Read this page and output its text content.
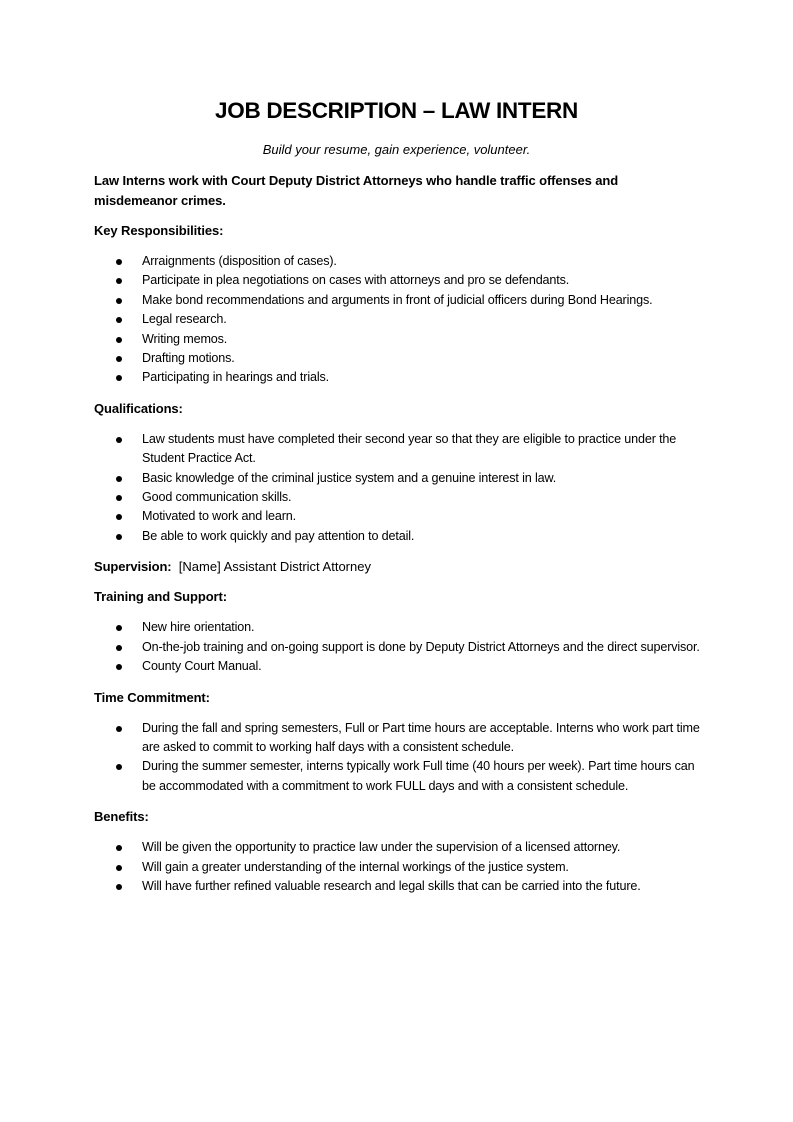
JOB DESCRIPTION – LAW INTERN

Build your resume, gain experience, volunteer.

Law Interns work with Court Deputy District Attorneys who handle traffic offenses and misdemeanor crimes.

Key Responsibilities:

Arraignments (disposition of cases).
Participate in plea negotiations on cases with attorneys and pro se defendants.
Make bond recommendations and arguments in front of judicial officers during Bond Hearings.
Legal research.
Writing memos.
Drafting motions.
Participating in hearings and trials.

Qualifications:

Law students must have completed their second year so that they are eligible to practice under the Student Practice Act.
Basic knowledge of the criminal justice system and a genuine interest in law.
Good communication skills.
Motivated to work and learn.
Be able to work quickly and pay attention to detail.

Supervision: [Name] Assistant District Attorney

Training and Support:

New hire orientation.
On-the-job training and on-going support is done by Deputy District Attorneys and the direct supervisor.
County Court Manual.

Time Commitment:

During the fall and spring semesters, Full or Part time hours are acceptable. Interns who work part time are asked to commit to working half days with a consistent schedule.
During the summer semester, interns typically work Full time (40 hours per week). Part time hours can be accommodated with a commitment to work FULL days and with a consistent schedule.

Benefits:

Will be given the opportunity to practice law under the supervision of a licensed attorney.
Will gain a greater understanding of the internal workings of the justice system.
Will have further refined valuable research and legal skills that can be carried into the future.
